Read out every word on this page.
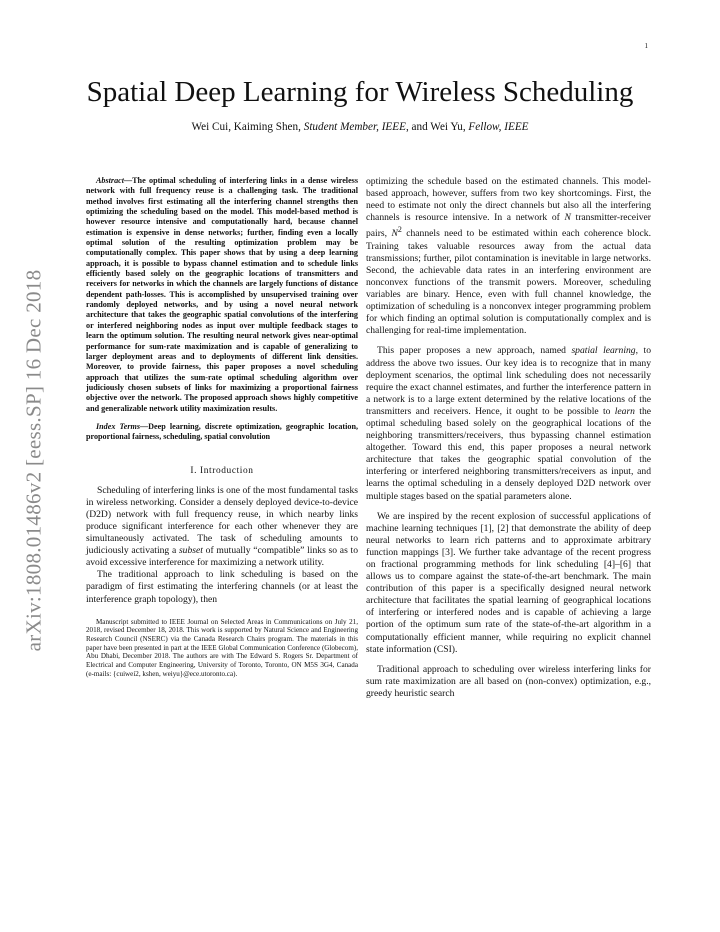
1
arXiv:1808.01486v2 [eess.SP] 16 Dec 2018
Spatial Deep Learning for Wireless Scheduling
Wei Cui, Kaiming Shen, Student Member, IEEE, and Wei Yu, Fellow, IEEE

Abstract—The optimal scheduling of interfering links in a dense wireless network with full frequency reuse is a challenging task. The traditional method involves first estimating all the interfering channel strengths then optimizing the scheduling based on the model. This model-based method is however resource intensive and computationally hard, because channel estimation is expensive in dense networks; further, finding even a locally optimal solution of the resulting optimization problem may be computationally complex. This paper shows that by using a deep learning approach, it is possible to bypass channel estimation and to schedule links efficiently based solely on the geographic locations of transmitters and receivers for networks in which the channels are largely functions of distance dependent path-losses. This is accomplished by unsupervised training over randomly deployed networks, and by using a novel neural network architecture that takes the geographic spatial convolutions of the interfering or interfered neighboring nodes as input over multiple feedback stages to learn the optimum solution. The resulting neural network gives near-optimal performance for sum-rate maximization and is capable of generalizing to larger deployment areas and to deployments of different link densities. Moreover, to provide fairness, this paper proposes a novel scheduling approach that utilizes the sum-rate optimal scheduling algorithm over judiciously chosen subsets of links for maximizing a proportional fairness objective over the network. The proposed approach shows highly competitive and generalizable network utility maximization results.

Index Terms—Deep learning, discrete optimization, geographic location, proportional fairness, scheduling, spatial convolution

I. Introduction

Scheduling of interfering links is one of the most fundamental tasks in wireless networking. Consider a densely deployed device-to-device (D2D) network with full frequency reuse, in which nearby links produce significant interference for each other whenever they are simultaneously activated. The task of scheduling amounts to judiciously activating a subset of mutually “compatible” links so as to avoid excessive interference for maximizing a network utility.

The traditional approach to link scheduling is based on the paradigm of first estimating the interfering channels (or at least the interference graph topology), then

Manuscript submitted to IEEE Journal on Selected Areas in Communications on July 21, 2018, revised December 18, 2018. This work is supported by Natural Science and Engineering Research Council (NSERC) via the Canada Research Chairs program. The materials in this paper have been presented in part at the IEEE Global Communication Conference (Globecom), Abu Dhabi, December 2018. The authors are with The Edward S. Rogers Sr. Department of Electrical and Computer Engineering, University of Toronto, Toronto, ON M5S 3G4, Canada (e-mails: {cuiwei2, kshen, weiyu}@ece.utoronto.ca).

optimizing the schedule based on the estimated channels. This model-based approach, however, suffers from two key shortcomings. First, the need to estimate not only the direct channels but also all the interfering channels is resource intensive. In a network of N transmitter-receiver pairs, $N^2$ channels need to be estimated within each coherence block. Training takes valuable resources away from the actual data transmissions; further, pilot contamination is inevitable in large networks. Second, the achievable data rates in an interfering environment are nonconvex functions of the transmit powers. Moreover, scheduling variables are binary. Hence, even with full channel knowledge, the optimization of scheduling is a nonconvex integer programming problem for which finding an optimal solution is computationally complex and is challenging for real-time implementation.

This paper proposes a new approach, named spatial learning, to address the above two issues. Our key idea is to recognize that in many deployment scenarios, the optimal link scheduling does not necessarily require the exact channel estimates, and further the interference pattern in a network is to a large extent determined by the relative locations of the transmitters and receivers. Hence, it ought to be possible to learn the optimal scheduling based solely on the geographical locations of the neighboring transmitters/receivers, thus bypassing channel estimation altogether. Toward this end, this paper proposes a neural network architecture that takes the geographic spatial convolution of the interfering or interfered neighboring transmitters/receivers as input, and learns the optimal scheduling in a densely deployed D2D network over multiple stages based on the spatial parameters alone.

We are inspired by the recent explosion of successful applications of machine learning techniques [1], [2] that demonstrate the ability of deep neural networks to learn rich patterns and to approximate arbitrary function mappings [3]. We further take advantage of the recent progress on fractional programming methods for link scheduling [4]–[6] that allows us to compare against the state-of-the-art benchmark. The main contribution of this paper is a specifically designed neural network architecture that facilitates the spatial learning of geographical locations of interfering or interfered nodes and is capable of achieving a large portion of the optimum sum rate of the state-of-the-art algorithm in a computationally efficient manner, while requiring no explicit channel state information (CSI).

Traditional approach to scheduling over wireless interfering links for sum rate maximization are all based on (non-convex) optimization, e.g., greedy heuristic search
